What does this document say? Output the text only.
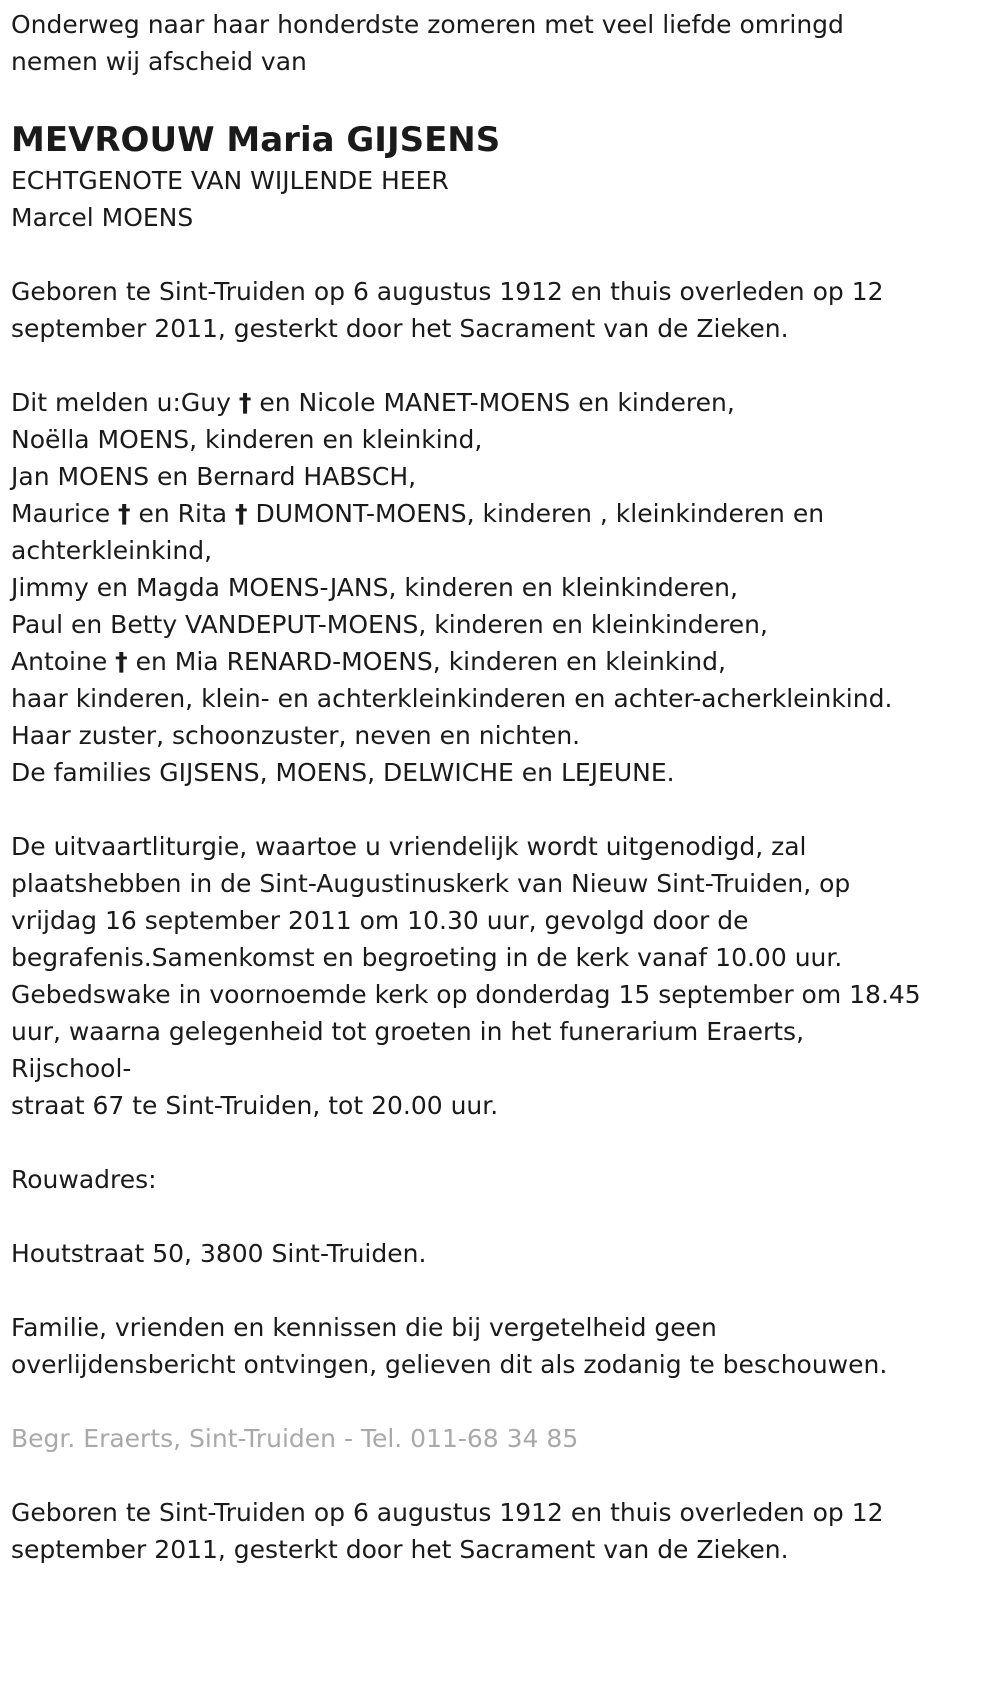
Onderweg naar haar honderdste zomeren met veel liefde omringd
nemen wij afscheid van
MEVROUW Maria GIJSENS
ECHTGENOTE VAN WIJLENDE HEER
Marcel MOENS
Geboren te Sint-Truiden op 6 augustus 1912 en thuis overleden op 12
september 2011, gesterkt door het Sacrament van de Zieken.
Dit melden u:Guy † en Nicole MANET-MOENS en kinderen,
Noëlla MOENS, kinderen en kleinkind,
Jan MOENS en Bernard HABSCH,
Maurice † en Rita † DUMONT-MOENS, kinderen , kleinkinderen en
achterkleinkind,
Jimmy en Magda MOENS-JANS, kinderen en kleinkinderen,
Paul en Betty VANDEPUT-MOENS, kinderen en kleinkinderen,
Antoine † en Mia RENARD-MOENS, kinderen en kleinkind,
haar kinderen, klein- en achterkleinkinderen en achter-acherkleinkind.
Haar zuster, schoonzuster, neven en nichten.
De families GIJSENS, MOENS, DELWICHE en LEJEUNE.
De uitvaartliturgie, waartoe u vriendelijk wordt uitgenodigd, zal
plaatshebben in de Sint-Augustinuskerk van Nieuw Sint-Truiden, op
vrijdag 16 september 2011 om 10.30 uur, gevolgd door de
begrafenis.Samenkomst en begroeting in de kerk vanaf 10.00 uur.
Gebedswake in voornoemde kerk op donderdag 15 september om 18.45
uur, waarna gelegenheid tot groeten in het funerarium Eraerts,
Rijschool-
straat 67 te Sint-Truiden, tot 20.00 uur.
Rouwadres:
Houtstraat 50, 3800 Sint-Truiden.
Familie, vrienden en kennissen die bij vergetelheid geen
overlijdensbericht ontvingen, gelieven dit als zodanig te beschouwen.
Begr. Eraerts, Sint-Truiden - Tel. 011-68 34 85
Geboren te Sint-Truiden op 6 augustus 1912 en thuis overleden op 12
september 2011, gesterkt door het Sacrament van de Zieken.
